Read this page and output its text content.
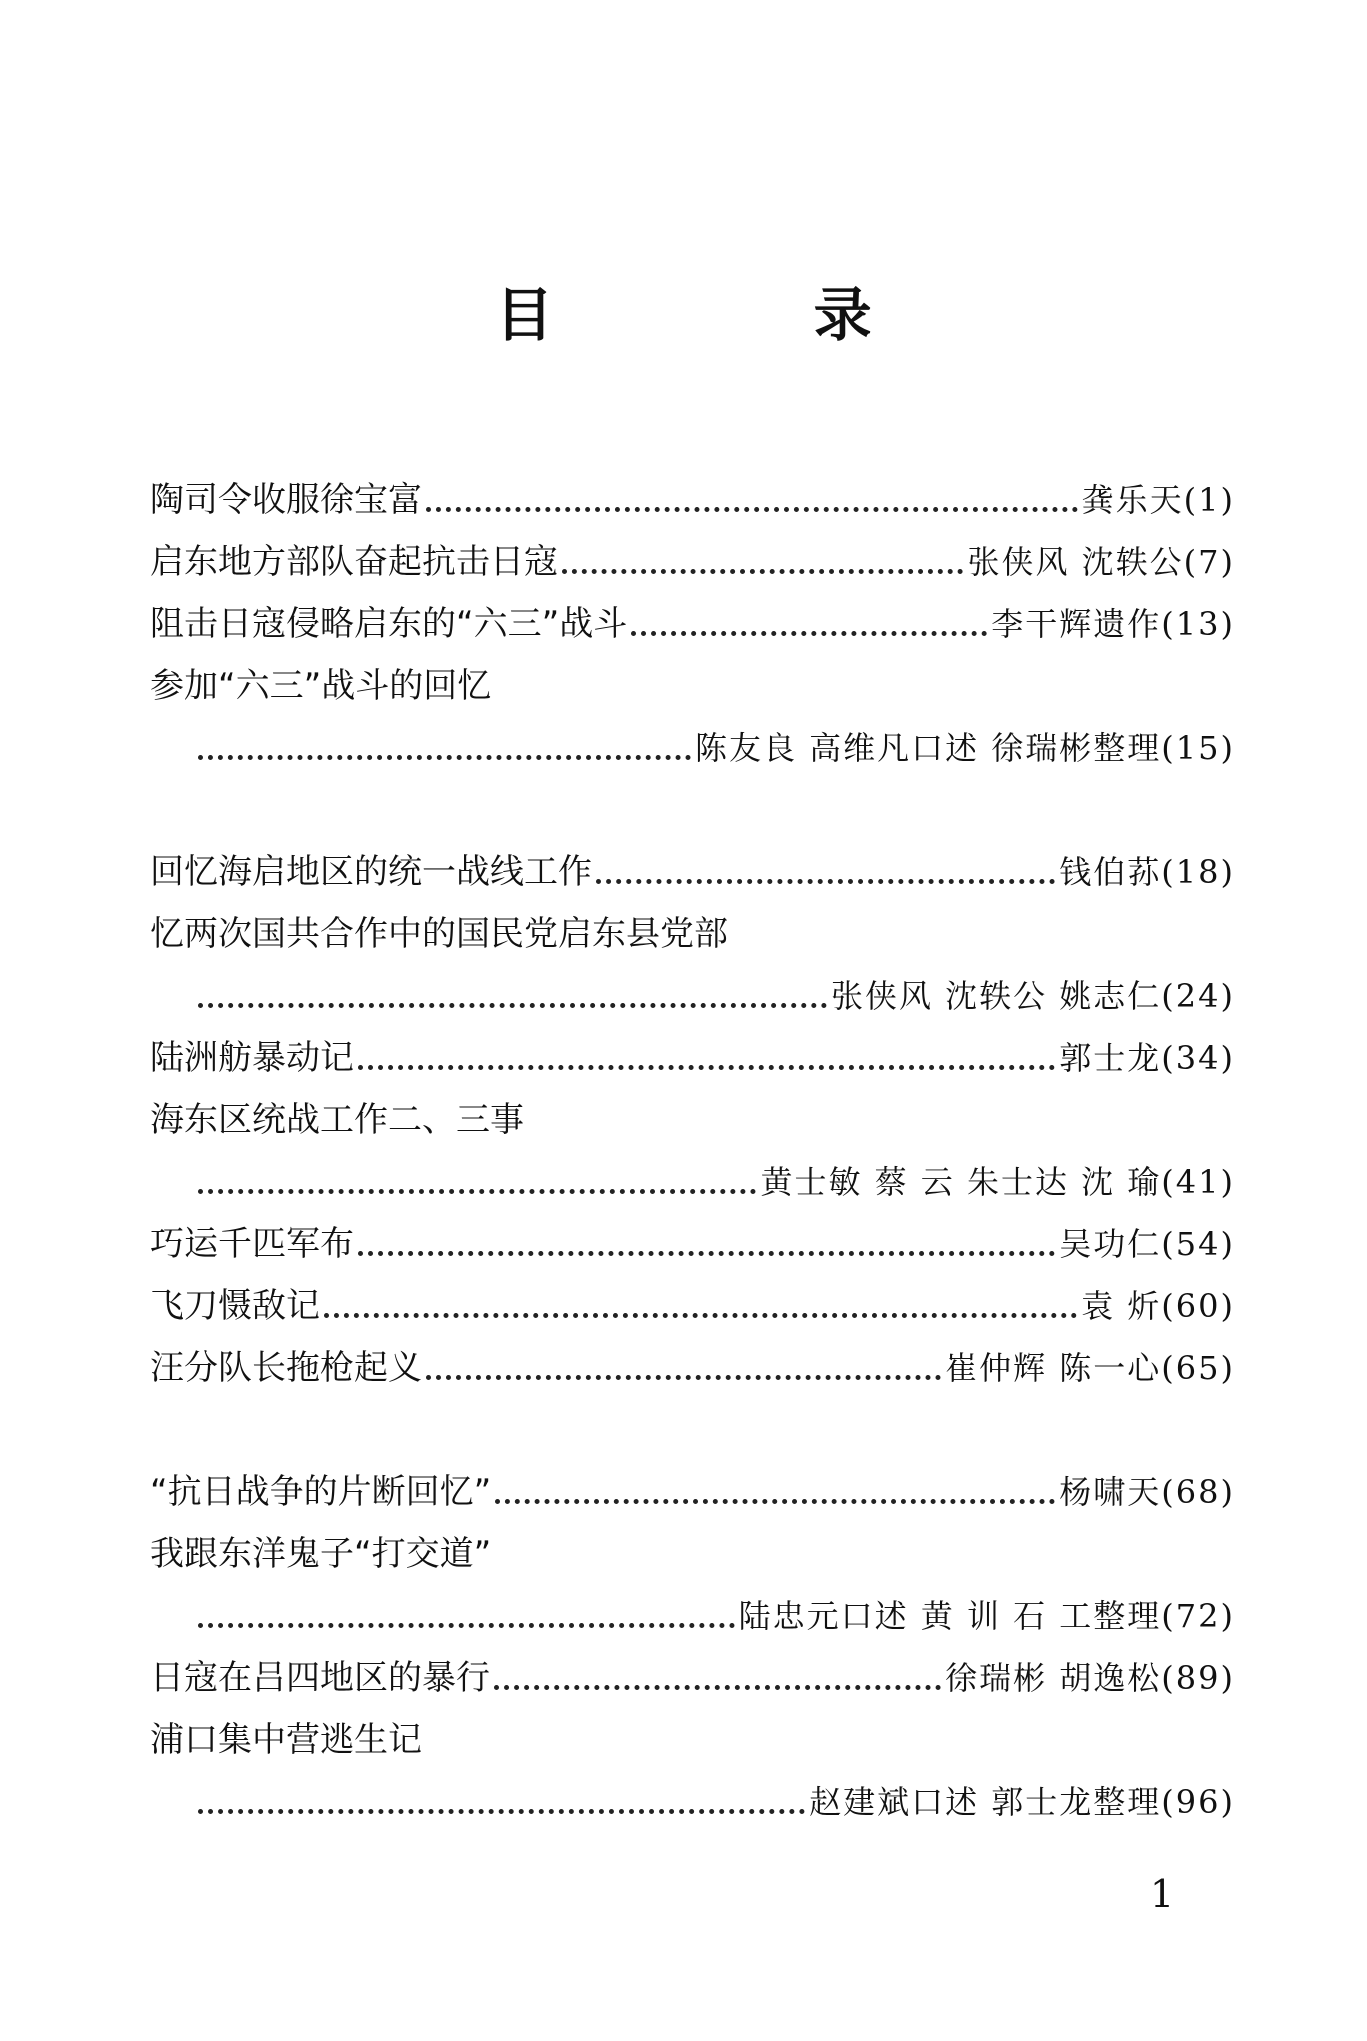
目 录
陶司令收服徐宝富	龚乐天(1)
启东地方部队奋起抗击日寇	张侠风 沈轶公(7)
阻击日寇侵略启东的“六三”战斗	李干辉遗作(13)
参加“六三”战斗的回忆
陈友良 高维凡口述 徐瑞彬整理(15)
回忆海启地区的统一战线工作	钱伯荪(18)
忆两次国共合作中的国民党启东县党部
张侠风 沈轶公 姚志仁(24)
陆洲舫暴动记	郭士龙(34)
海东区统战工作二、三事
黄士敏 蔡 云 朱士达 沈 瑜(41)
巧运千匹军布	吴功仁(54)
飞刀慑敌记	袁 炘(60)
汪分队长拖枪起义	崔仲辉 陈一心(65)
“抗日战争的片断回忆”	杨啸天(68)
我跟东洋鬼子“打交道”
陆忠元口述 黄 训 石 工整理(72)
日寇在吕四地区的暴行	徐瑞彬 胡逸松(89)
浦口集中营逃生记
赵建斌口述 郭士龙整理(96)
1
